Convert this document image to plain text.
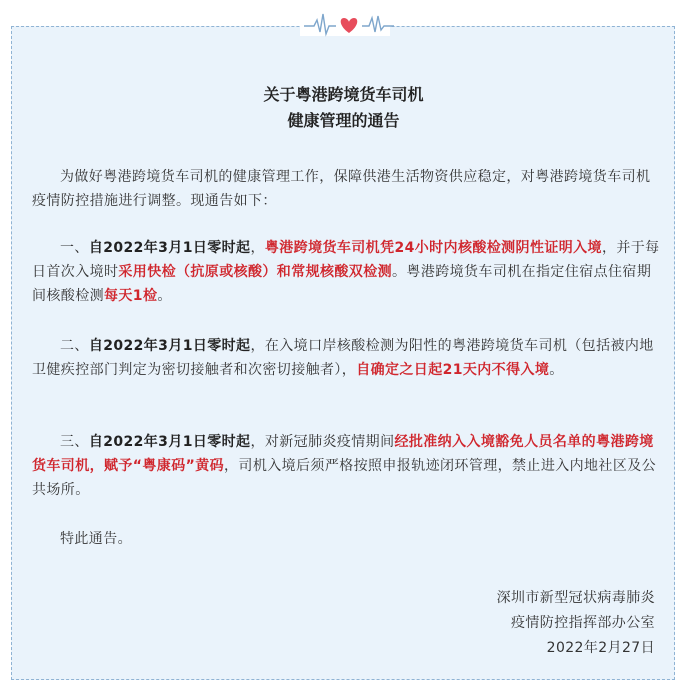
关于粤港跨境货车司机
健康管理的通告
为做好粤港跨境货车司机的健康管理工作，保障供港生活物资供应稳定，对粤港跨境货车司机疫情防控措施进行调整。现通告如下：
一、自2022年3月1日零时起，粤港跨境货车司机凭24小时内核酸检测阴性证明入境，并于每日首次入境时采用快检（抗原或核酸）和常规核酸双检测。粤港跨境货车司机在指定住宿点住宿期间核酸检测每天1检。
二、自2022年3月1日零时起，在入境口岸核酸检测为阳性的粤港跨境货车司机（包括被内地卫健疾控部门判定为密切接触者和次密切接触者），自确定之日起21天内不得入境。
三、自2022年3月1日零时起，对新冠肺炎疫情期间经批准纳入入境豁免人员名单的粤港跨境货车司机，赋予“粤康码”黄码，司机入境后须严格按照申报轨迹闭环管理，禁止进入内地社区及公共场所。
特此通告。
深圳市新型冠状病毒肺炎
疫情防控指挥部办公室
2022年2月27日
